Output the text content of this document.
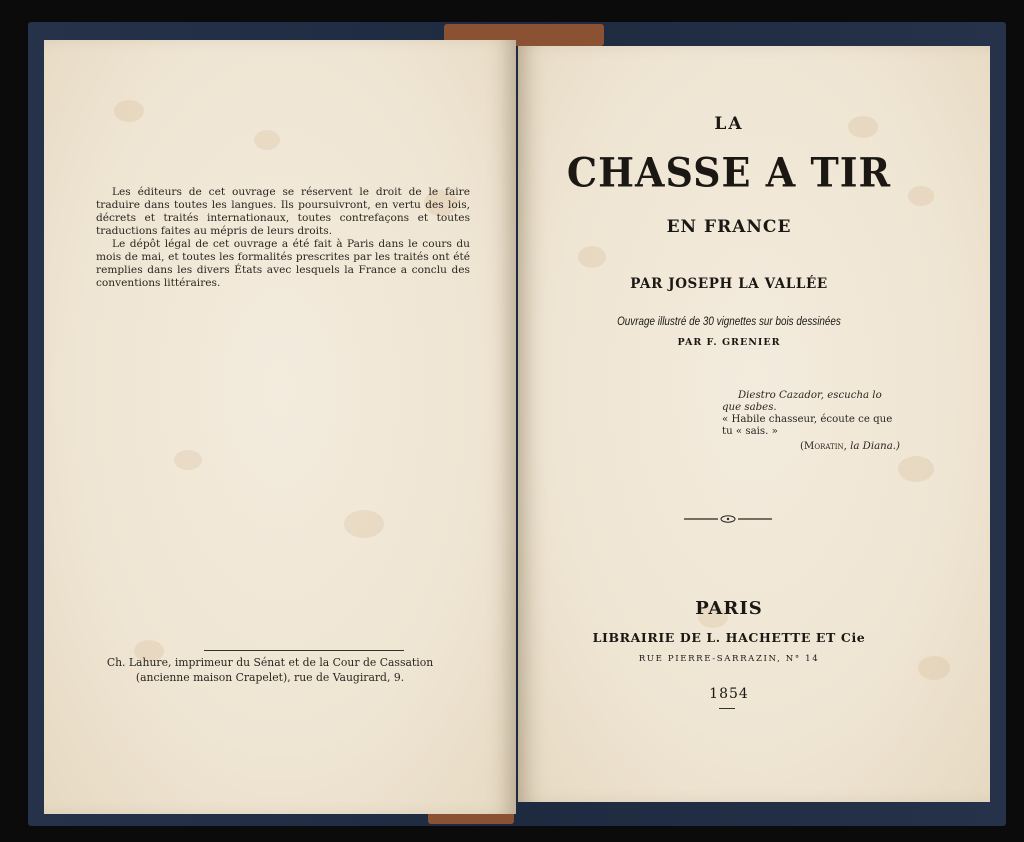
Les éditeurs de cet ouvrage se réservent le droit de le faire traduire dans toutes les langues. Ils poursuivront, en vertu des lois, décrets et traités internationaux, toutes contrefaçons et toutes traductions faites au mépris de leurs droits.

Le dépôt légal de cet ouvrage a été fait à Paris dans le cours du mois de mai, et toutes les formalités prescrites par les traités ont été remplies dans les divers États avec lesquels la France a conclu des conventions littéraires.

Ch. Lahure, imprimeur du Sénat et de la Cour de Cassation
(ancienne maison Crapelet), rue de Vaugirard, 9.
LA
CHASSE A TIR
EN FRANCE
PAR JOSEPH LA VALLÉE
Ouvrage illustré de 30 vignettes sur bois dessinées
PAR F. GRENIER
Diestro Cazador, escucha lo que sabes.
« Habile chasseur, écoute ce que tu « sais. »
(Moratin, la Diana.)
PARIS
LIBRAIRIE DE L. HACHETTE ET Cie
RUE PIERRE-SARRAZIN, N° 14
1854
